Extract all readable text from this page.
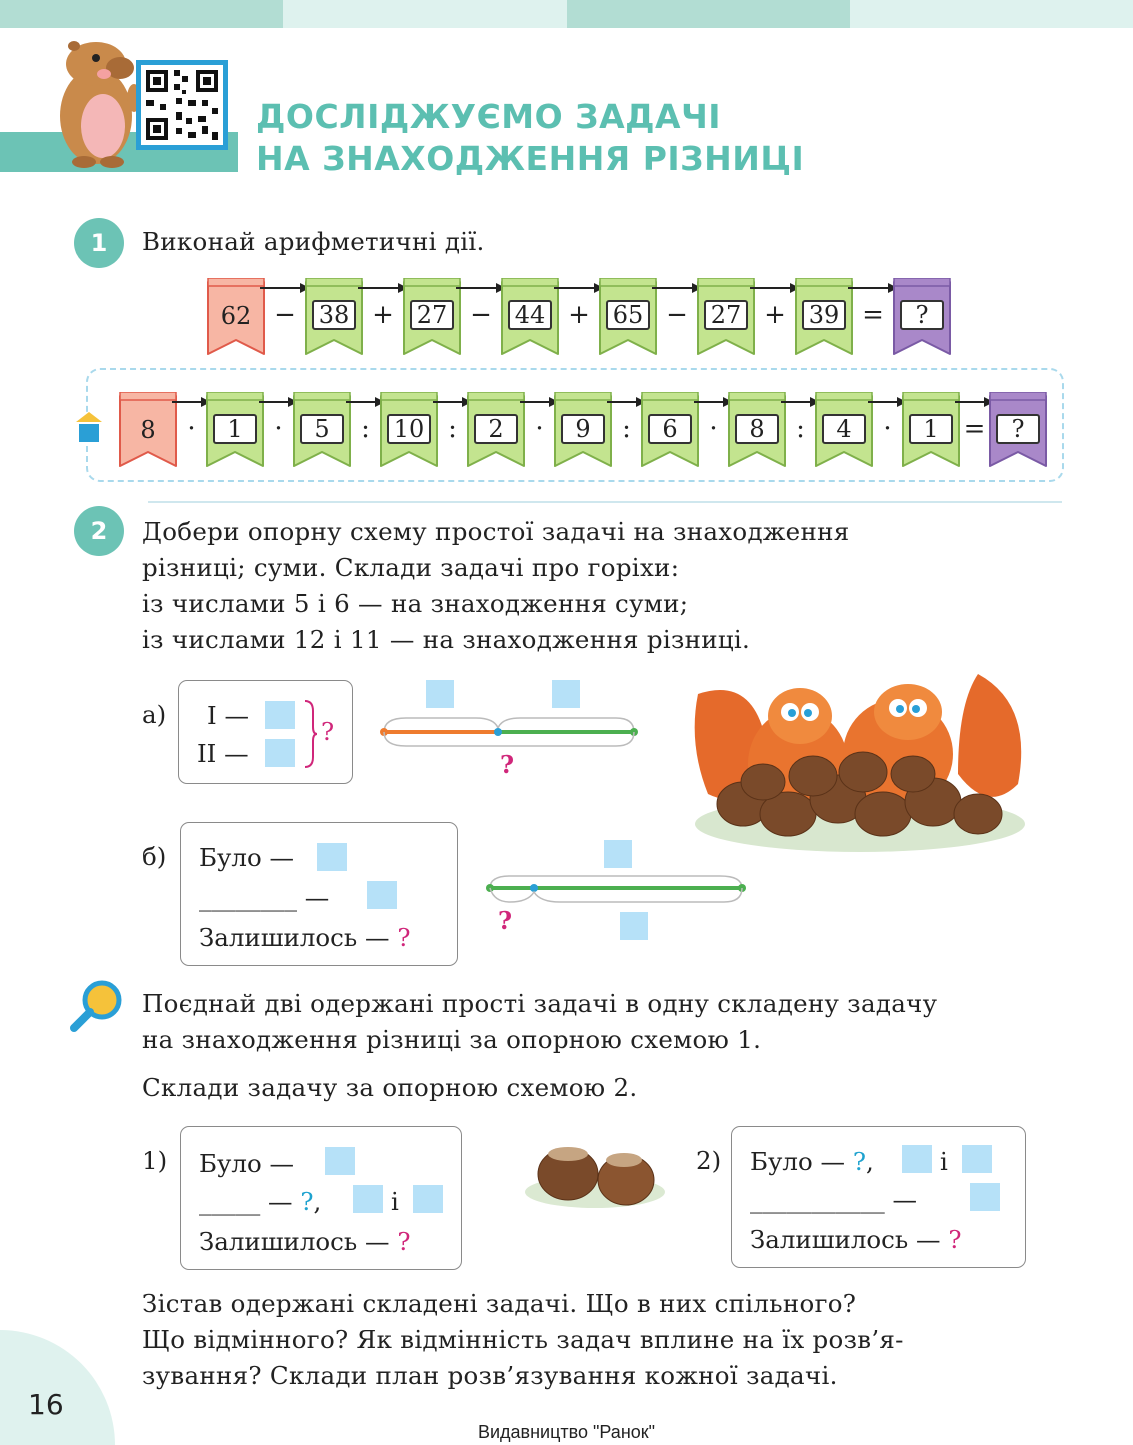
ДОСЛІДЖУЄМО ЗАДАЧІ
НА ЗНАХОДЖЕННЯ РІЗНИЦІ
1	Виконай арифметичні дії.
62 − 38 + 27 − 44 + 65 − 27 + 39 =	?
8	·	1	·	5	: 10 :	2	·	9	:	6	·	8	:	4	·	1 =	?
2	Добери опорну схему простої задачі на знаходження
різниці; суми. Склади задачі про горіхи:
із числами 5 і 6 — на знаходження суми;
із числами 12 і 11 — на знаходження різниці.
а) I —
II —
?
?
б) Було —
________ —
Залишилось — ?
?
Поєднай дві одержані прості задачі в одну складену задачу
на знаходження різниці за опорною схемою 1.
Склади задачу за опорною схемою 2.
1) Було —
_____ — ?,	і
Залишилось — ?
2) Було — ?,	і
___________ —
Залишилось — ?
Зістав одержані складені задачі. Що в них спільного?
Що відмінного? Як відмінність задач вплине на їх розв’я-
зування? Склади план розв’язування кожної задачі.
16
Видавництво "Ранок"
